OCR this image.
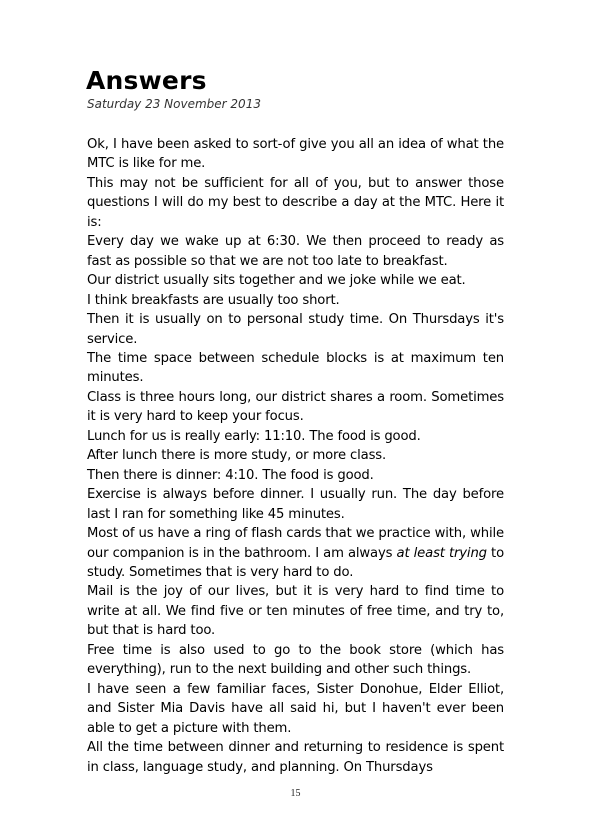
Answers
Saturday 23 November 2013

Ok, I have been asked to sort-of give you all an idea of what the MTC is like for me.

This may not be sufficient for all of you, but to answer those questions I will do my best to describe a day at the MTC. Here it is:

Every day we wake up at 6:30. We then proceed to ready as fast as possible so that we are not too late to breakfast.

Our district usually sits together and we joke while we eat.

I think breakfasts are usually too short.

Then it is usually on to personal study time. On Thursdays it's service.

The time space between schedule blocks is at maximum ten minutes.

Class is three hours long, our district shares a room. Sometimes it is very hard to keep your focus.

Lunch for us is really early: 11:10. The food is good.

After lunch there is more study, or more class.

Then there is dinner: 4:10. The food is good.

Exercise is always before dinner. I usually run. The day before last I ran for something like 45 minutes.

Most of us have a ring of flash cards that we practice with, while our companion is in the bathroom. I am always at least trying to study. Sometimes that is very hard to do.

Mail is the joy of our lives, but it is very hard to find time to write at all. We find five or ten minutes of free time, and try to, but that is hard too.

Free time is also used to go to the book store (which has everything), run to the next building and other such things.

I have seen a few familiar faces, Sister Donohue, Elder Elliot, and Sister Mia Davis have all said hi, but I haven't ever been able to get a picture with them.

All the time between dinner and returning to residence is spent in class, language study, and planning. On Thursdays

15
